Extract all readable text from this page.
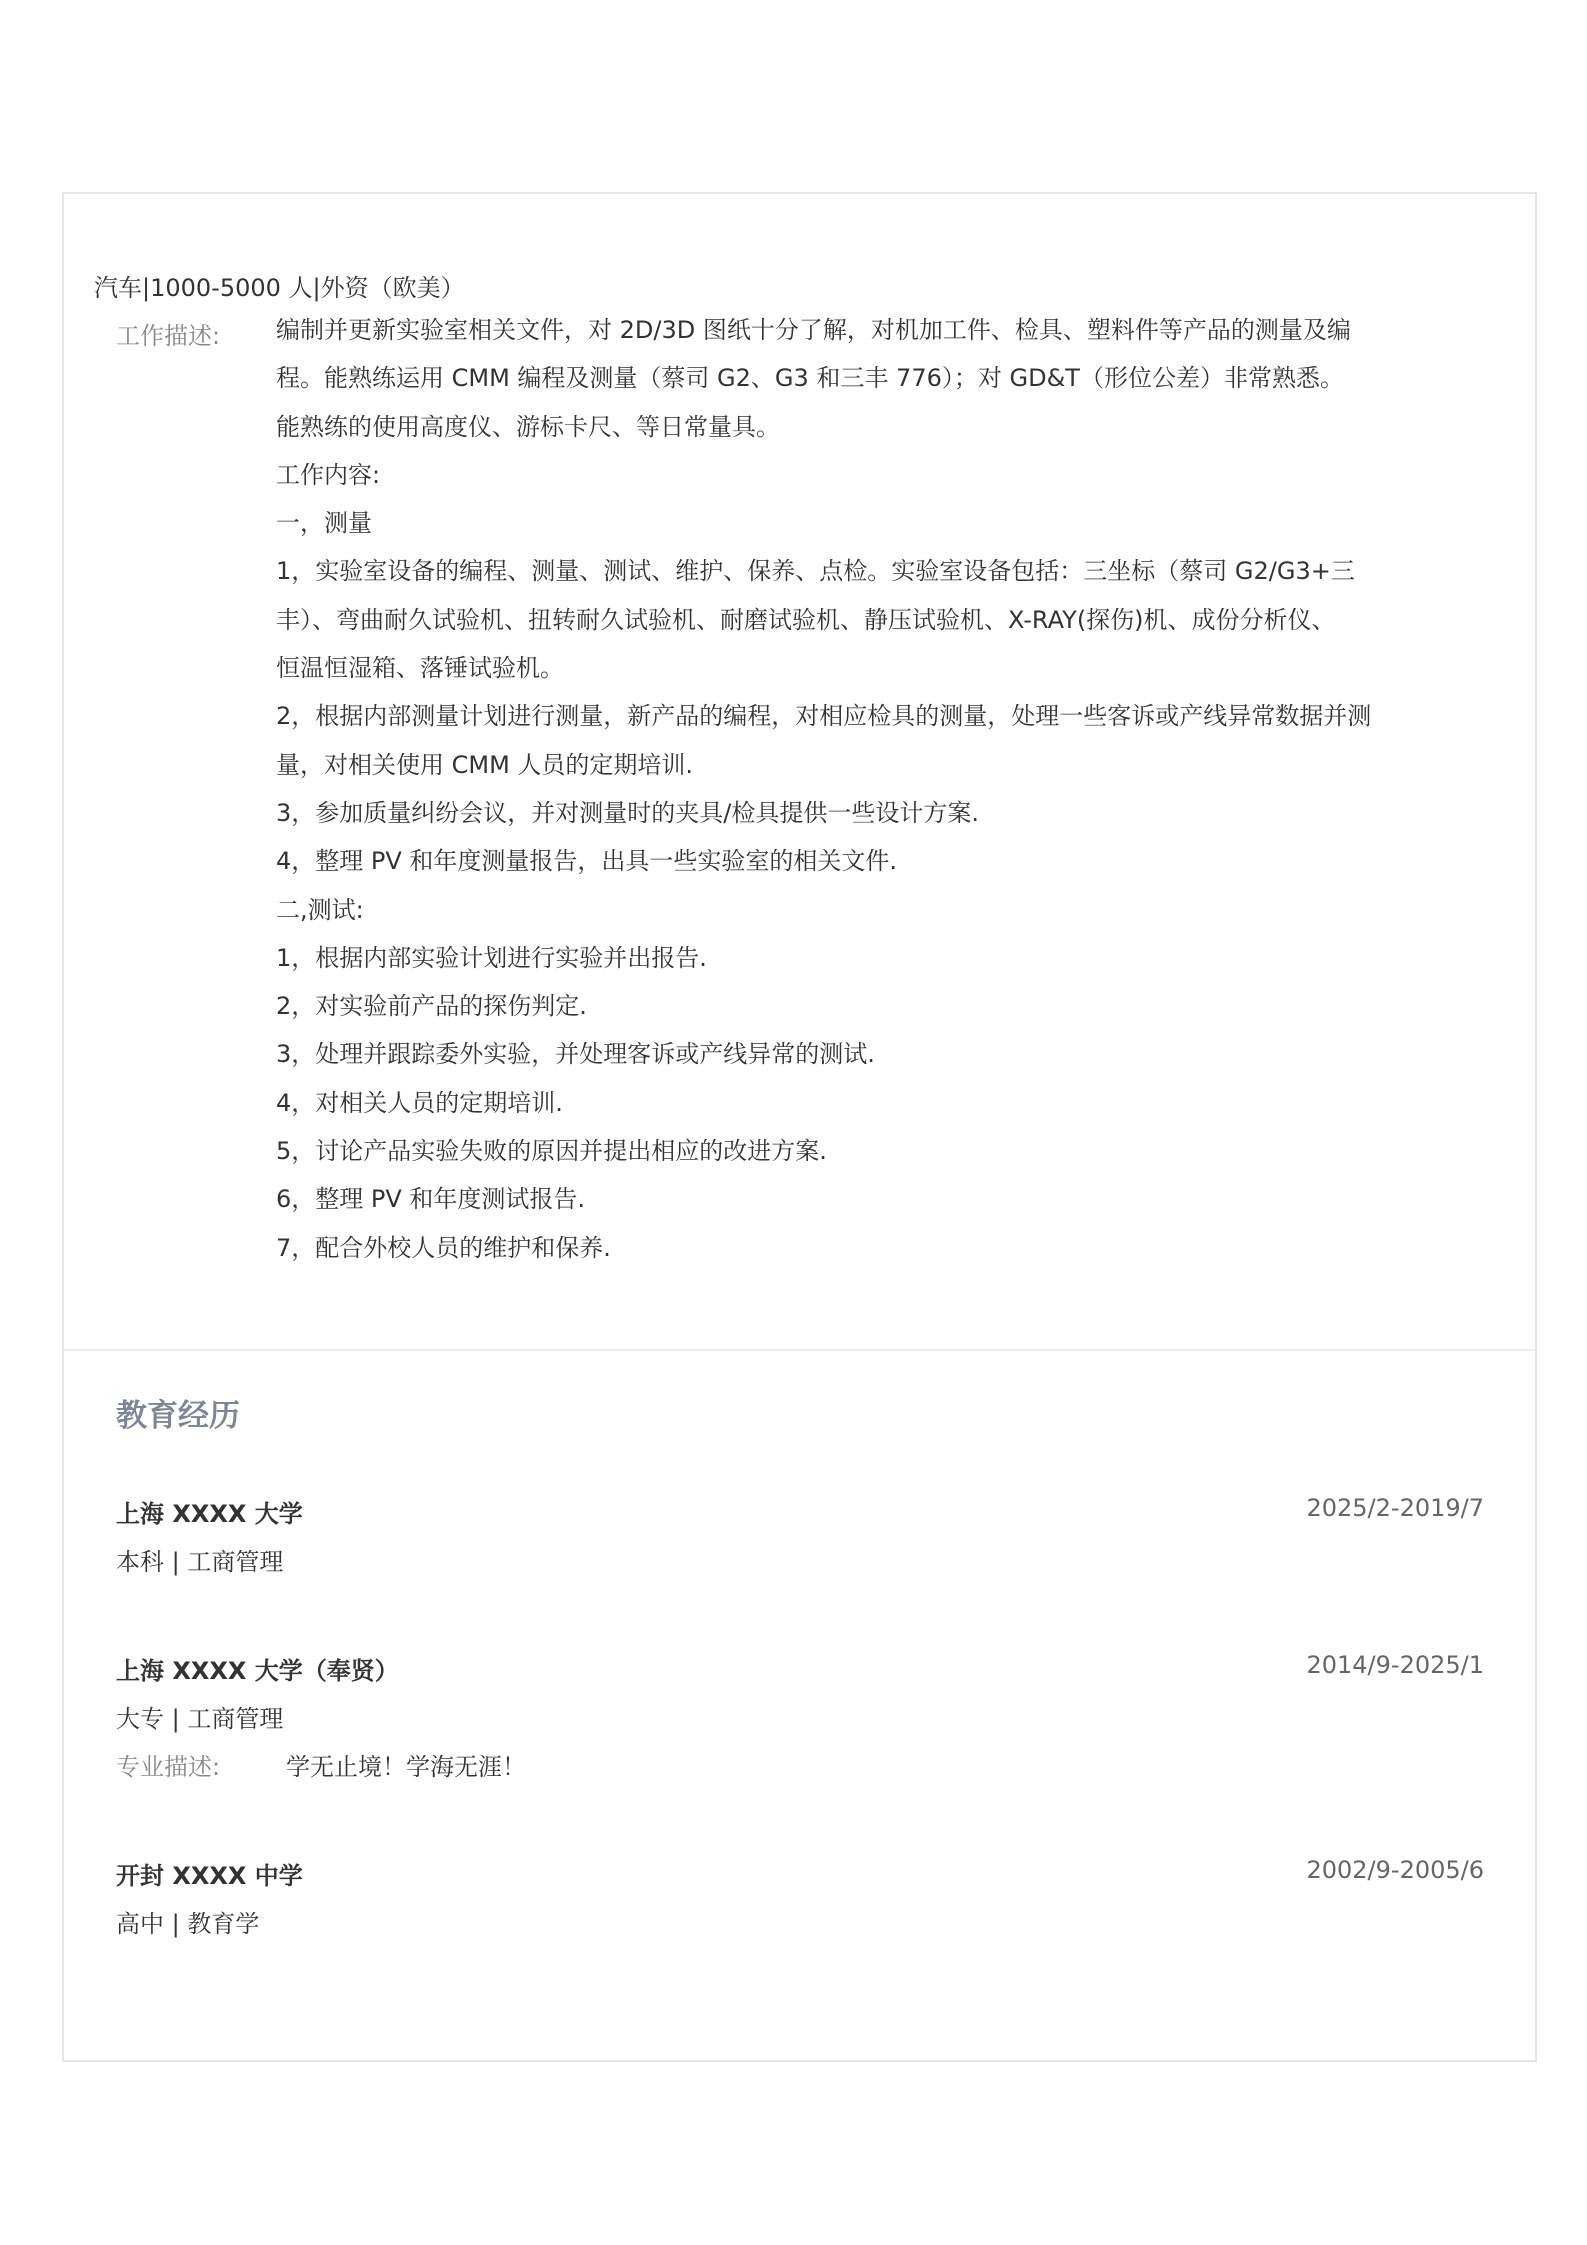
汽车|1000-5000 人|外资（欧美）
工作描述: 编制并更新实验室相关文件，对 2D/3D 图纸十分了解，对机加工件、检具、塑料件等产品的测量及编
程。能熟练运用 CMM 编程及测量（蔡司 G2、G3 和三丰 776）；对 GD&T（形位公差）非常熟悉。
能熟练的使用高度仪、游标卡尺、等日常量具。
工作内容:
一，测量
1，实验室设备的编程、测量、测试、维护、保养、点检。实验室设备包括：三坐标（蔡司 G2/G3+三
丰）、弯曲耐久试验机、扭转耐久试验机、耐磨试验机、静压试验机、X-RAY(探伤)机、成份分析仪、
恒温恒湿箱、落锤试验机。
2，根据内部测量计划进行测量，新产品的编程，对相应检具的测量，处理一些客诉或产线异常数据并测
量，对相关使用 CMM 人员的定期培训.
3，参加质量纠纷会议，并对测量时的夹具/检具提供一些设计方案.
4，整理 PV 和年度测量报告，出具一些实验室的相关文件.
二,测试:
1，根据内部实验计划进行实验并出报告.
2，对实验前产品的探伤判定.
3，处理并跟踪委外实验，并处理客诉或产线异常的测试.
4，对相关人员的定期培训.
5，讨论产品实验失败的原因并提出相应的改进方案.
6，整理 PV 和年度测试报告.
7，配合外校人员的维护和保养.
教育经历
上海 XXXX 大学	2025/2-2019/7
本科 | 工商管理
上海 XXXX 大学（奉贤）	2014/9-2025/1
大专 | 工商管理
专业描述:	学无止境！学海无涯！
开封 XXXX 中学	2002/9-2005/6
高中 | 教育学
